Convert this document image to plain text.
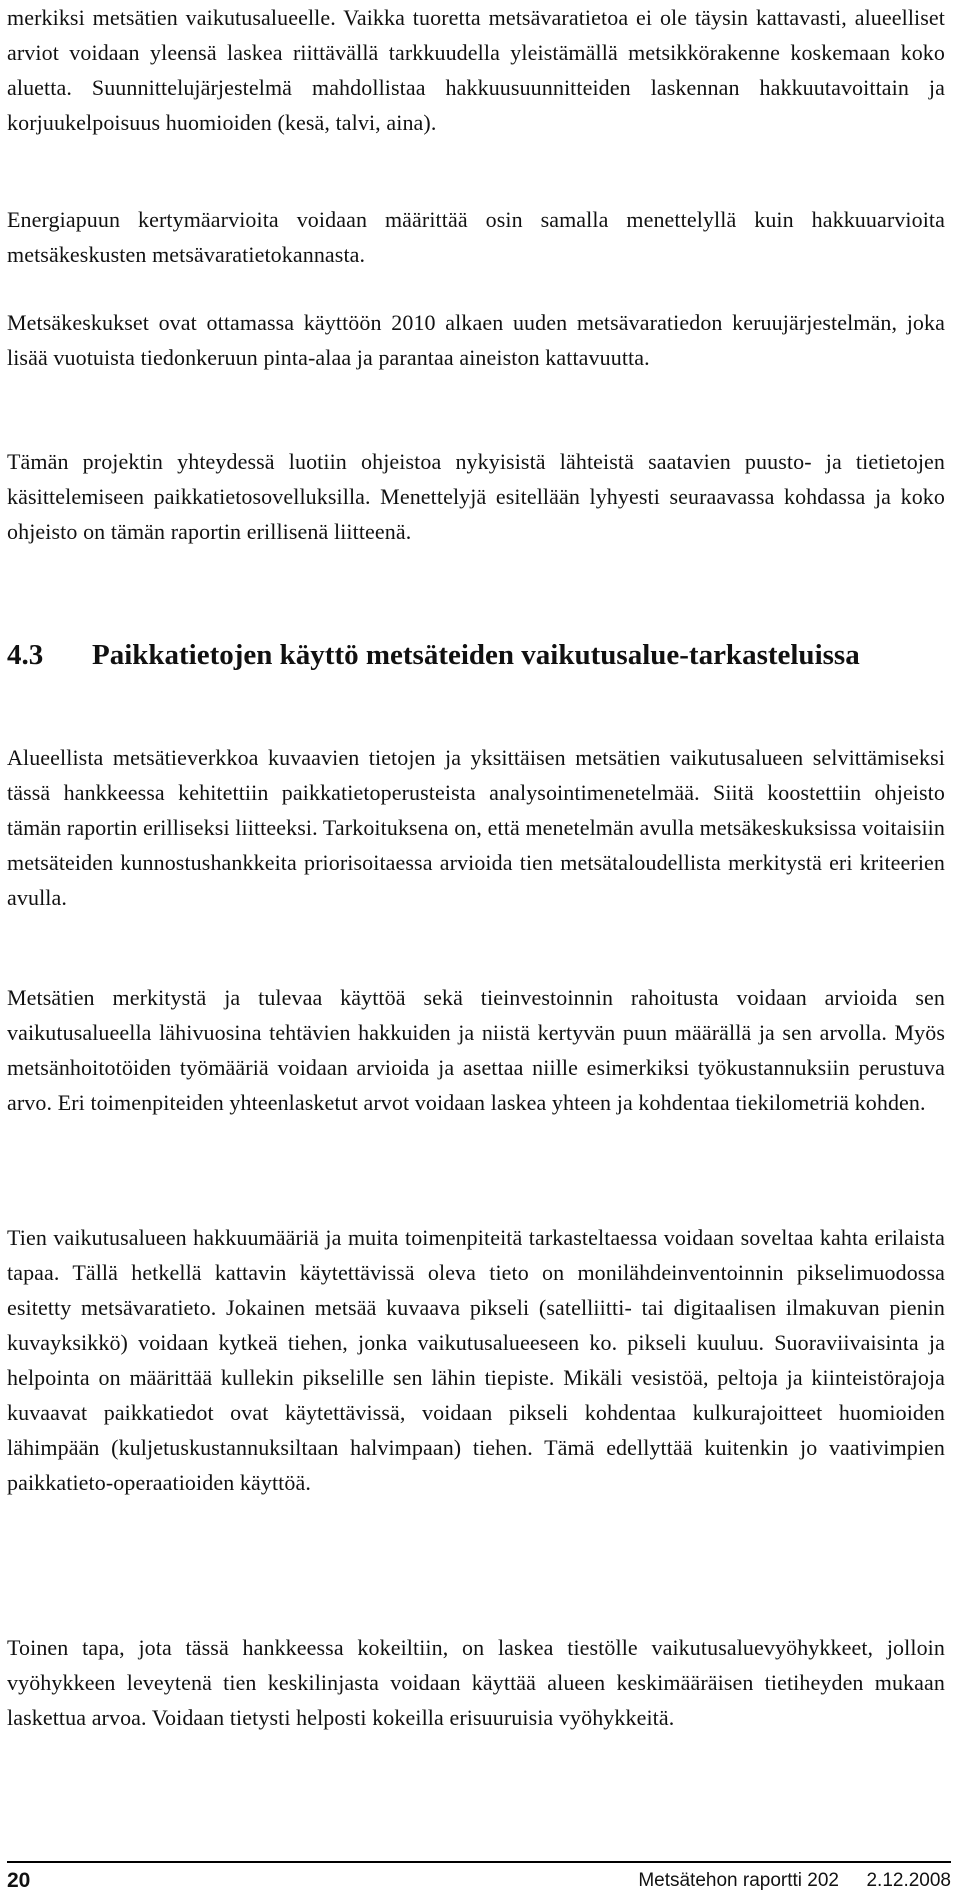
merkiksi metsätien vaikutusalueelle. Vaikka tuoretta metsävaratietoa ei ole täysin kattavasti, alueelliset arviot voidaan yleensä laskea riittävällä tarkkuudella yleistämällä metsikkörakenne koskemaan koko aluetta. Suunnittelujärjestelmä mahdollistaa hakkuusuunnitteiden laskennan hakkuutavoittain ja korjuukelpoisuus huomioiden (kesä, talvi, aina).

Energiapuun kertymäarvioita voidaan määrittää osin samalla menettelyllä kuin hakkuuarvioita metsäkeskusten metsävaratietokannasta.

Metsäkeskukset ovat ottamassa käyttöön 2010 alkaen uuden metsävaratiedon keruujärjestelmän, joka lisää vuotuista tiedonkeruun pinta-alaa ja parantaa aineiston kattavuutta.

Tämän projektin yhteydessä luotiin ohjeistoa nykyisistä lähteistä saatavien puusto- ja tietietojen käsittelemiseen paikkatietosovelluksilla. Menettelyjä esitellään lyhyesti seuraavassa kohdassa ja koko ohjeisto on tämän raportin erillisenä liitteenä.

4.3	Paikkatietojen käyttö metsäteiden vaikutusalue-tarkasteluissa

Alueellista metsätieverkkoa kuvaavien tietojen ja yksittäisen metsätien vaikutusalueen selvittämiseksi tässä hankkeessa kehitettiin paikkatietoperusteista analysointimenetelmää. Siitä koostettiin ohjeisto tämän raportin erilliseksi liitteeksi. Tarkoituksena on, että menetelmän avulla metsäkeskuksissa voitaisiin metsäteiden kunnostushankkeita priorisoitaessa arvioida tien metsätaloudellista merkitystä eri kriteerien avulla.

Metsätien merkitystä ja tulevaa käyttöä sekä tieinvestoinnin rahoitusta voidaan arvioida sen vaikutusalueella lähivuosina tehtävien hakkuiden ja niistä kertyvän puun määrällä ja sen arvolla. Myös metsänhoitotöiden työmääriä voidaan arvioida ja asettaa niille esimerkiksi työkustannuksiin perustuva arvo. Eri toimenpiteiden yhteenlasketut arvot voidaan laskea yhteen ja kohdentaa tiekilometriä kohden.

Tien vaikutusalueen hakkuumääriä ja muita toimenpiteitä tarkasteltaessa voidaan soveltaa kahta erilaista tapaa. Tällä hetkellä kattavin käytettävissä oleva tieto on monilähdeinventoinnin pikselimuodossa esitetty metsävaratieto. Jokainen metsää kuvaava pikseli (satelliitti- tai digitaalisen ilmakuvan pienin kuvayksikkö) voidaan kytkeä tiehen, jonka vaikutusalueeseen ko. pikseli kuuluu. Suoraviivaisinta ja helpointa on määrittää kullekin pikselille sen lähin tiepiste. Mikäli vesistöä, peltoja ja kiinteistörajoja kuvaavat paikkatiedot ovat käytettävissä, voidaan pikseli kohdentaa kulkurajoitteet huomioiden lähimpään (kuljetuskustannuksiltaan halvimpaan) tiehen. Tämä edellyttää kuitenkin jo vaativimpien paikkatieto-operaatioiden käyttöä.

Toinen tapa, jota tässä hankkeessa kokeiltiin, on laskea tiestölle vaikutusaluevyöhykkeet, jolloin vyöhykkeen leveytenä tien keskilinjasta voidaan käyttää alueen keskimääräisen tietiheyden mukaan laskettua arvoa. Voidaan tietysti helposti kokeilla erisuuruisia vyöhykkeitä.

20	Metsätehon raportti 202 2.12.2008
